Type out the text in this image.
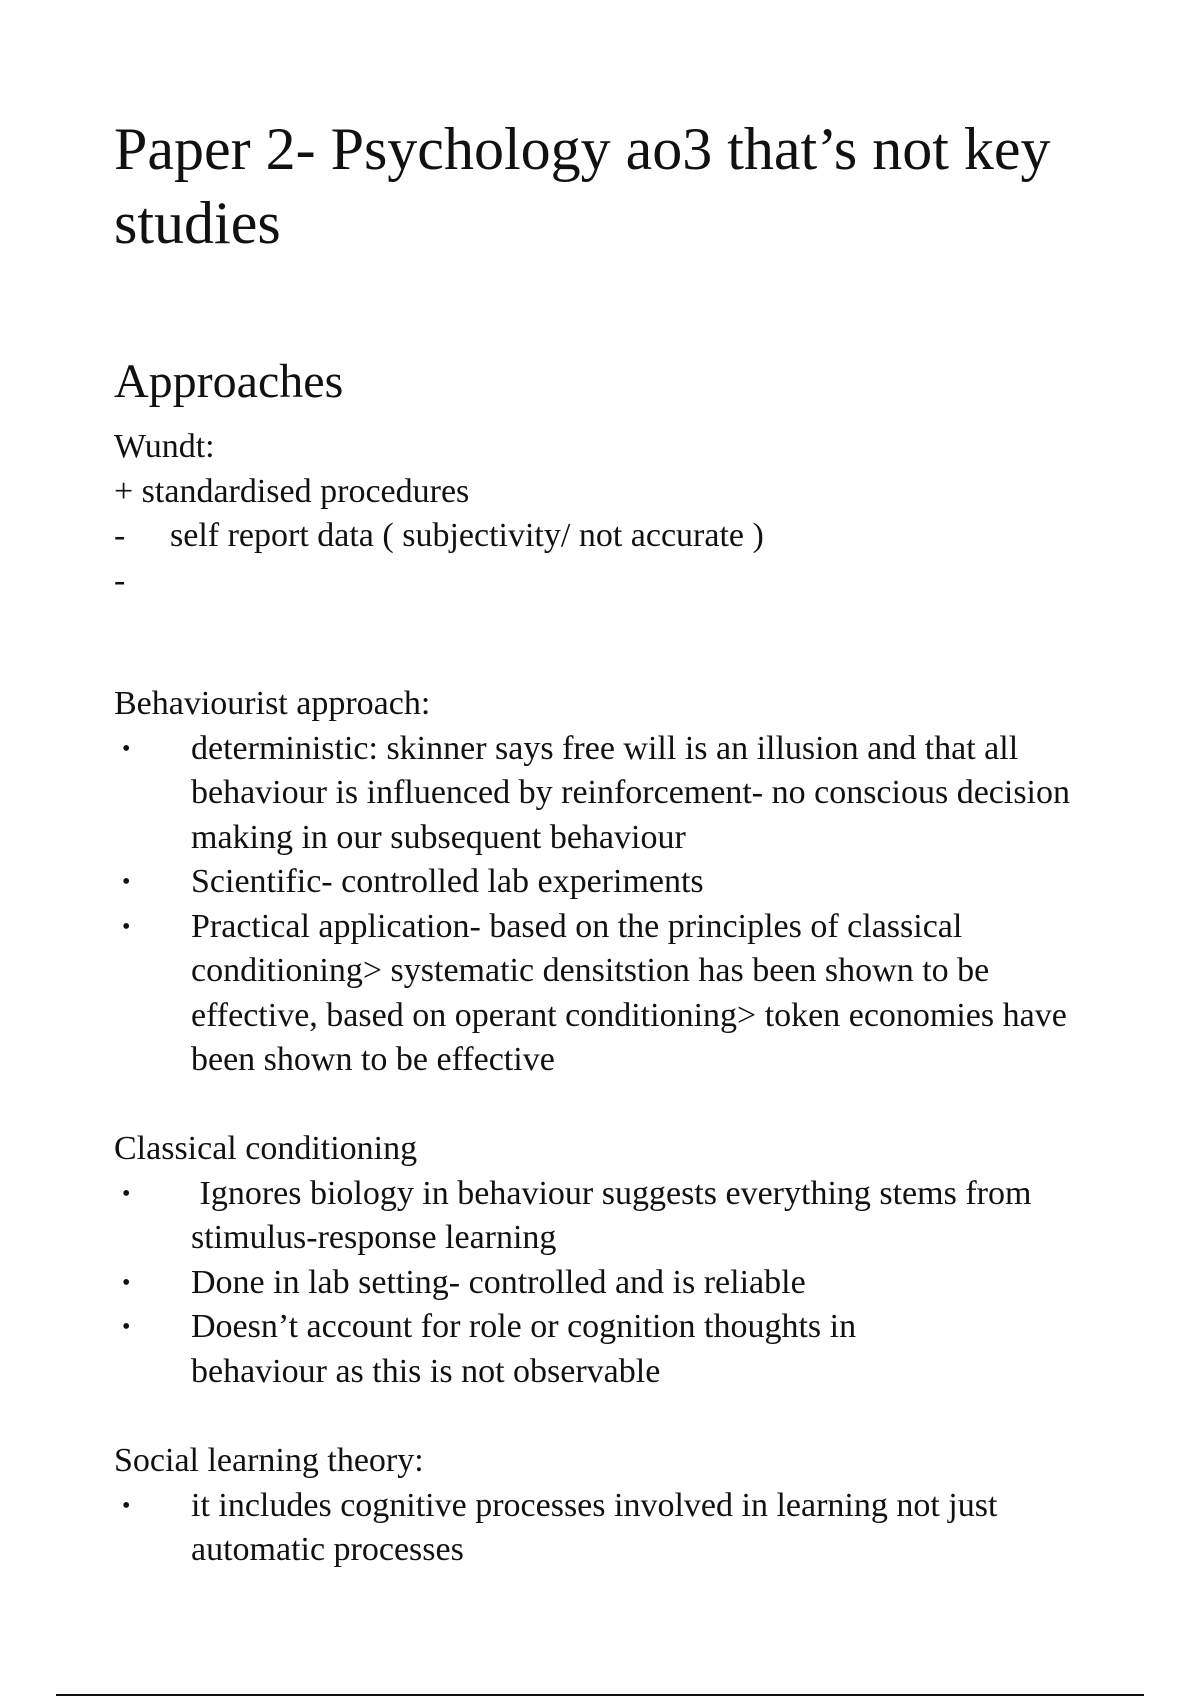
Paper 2- Psychology ao3 that’s not key studies
Approaches
Wundt:
+ standardised procedures
- self report data ( subjectivity/ not accurate )
-
Behaviourist approach:
• deterministic: skinner says free will is an illusion and that all behaviour is influenced by reinforcement- no conscious decision making in our subsequent behaviour
• Scientific- controlled lab experiments
• Practical application- based on the principles of classical conditioning> systematic densitstion has been shown to be effective, based on operant conditioning> token economies have been shown to be effective
Classical conditioning
• Ignores biology in behaviour suggests everything stems from stimulus-response learning
• Done in lab setting- controlled and is reliable
• Doesn’t account for role or cognition thoughts in behaviour as this is not observable
Social learning theory:
• it includes cognitive processes involved in learning not just automatic processes
